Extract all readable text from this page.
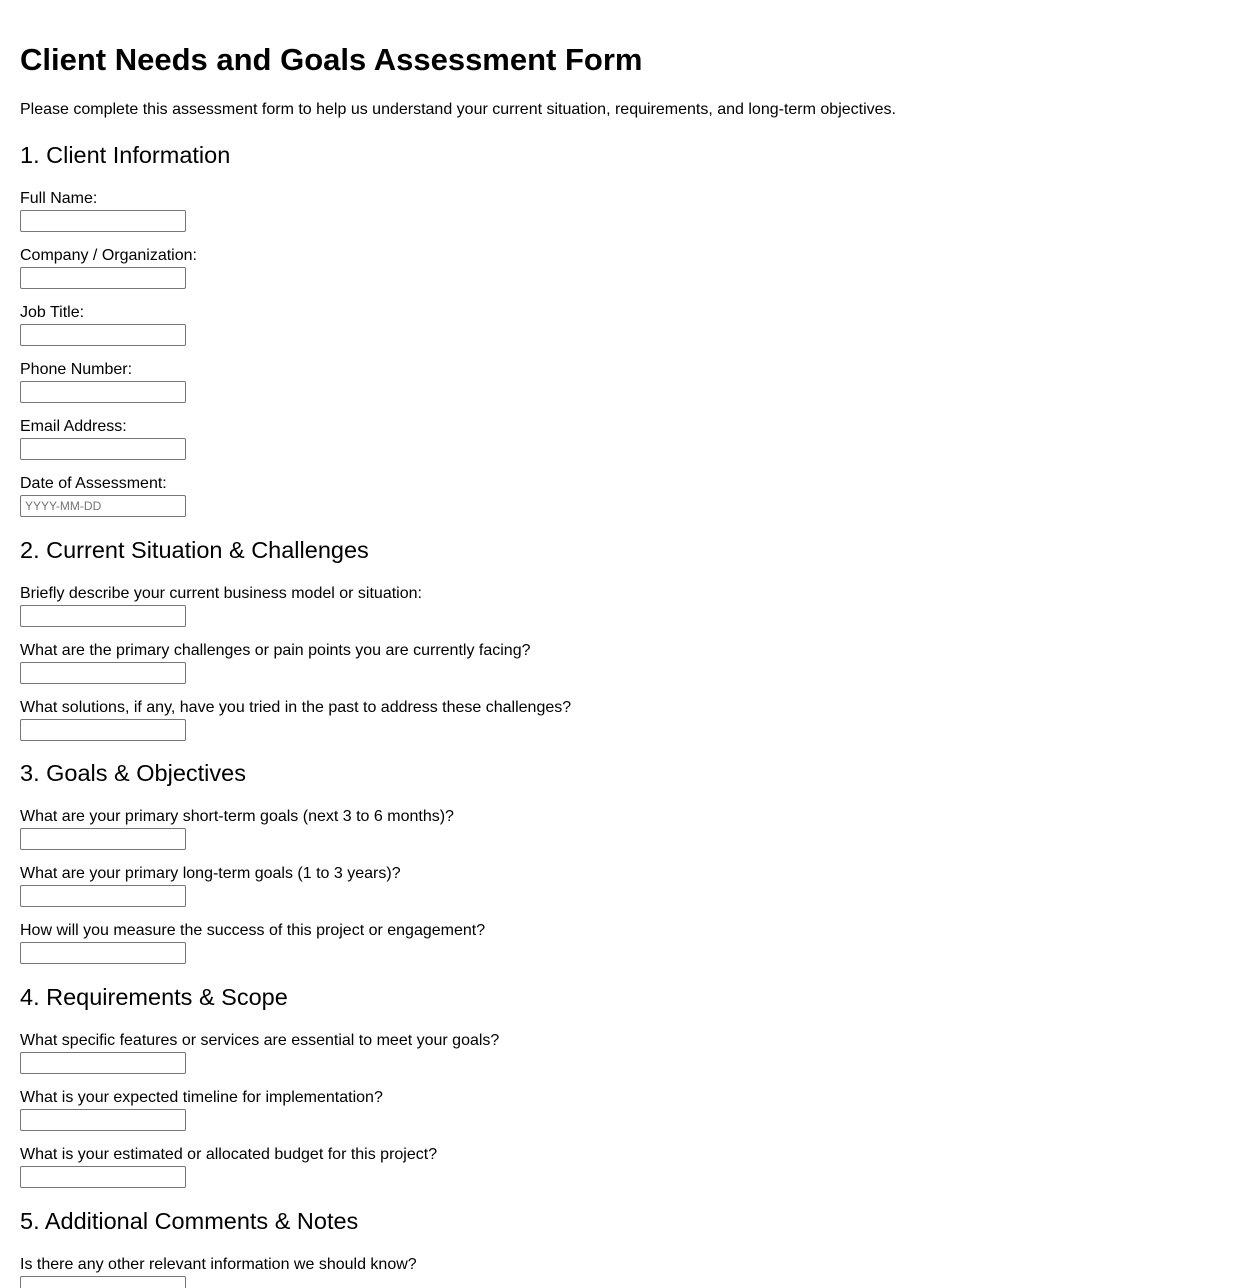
Client Needs and Goals Assessment Form

Please complete this assessment form to help us understand your current situation, requirements, and long-term objectives.

1. Client Information
Full Name:
Company / Organization:
Job Title:
Phone Number:
Email Address:
Date of Assessment:
YYYY-MM-DD
2. Current Situation & Challenges
Briefly describe your current business model or situation:
What are the primary challenges or pain points you are currently facing?
What solutions, if any, have you tried in the past to address these challenges?
3. Goals & Objectives
What are your primary short-term goals (next 3 to 6 months)?
What are your primary long-term goals (1 to 3 years)?
How will you measure the success of this project or engagement?
4. Requirements & Scope
What specific features or services are essential to meet your goals?
What is your expected timeline for implementation?
What is your estimated or allocated budget for this project?
5. Additional Comments & Notes
Is there any other relevant information we should know?
